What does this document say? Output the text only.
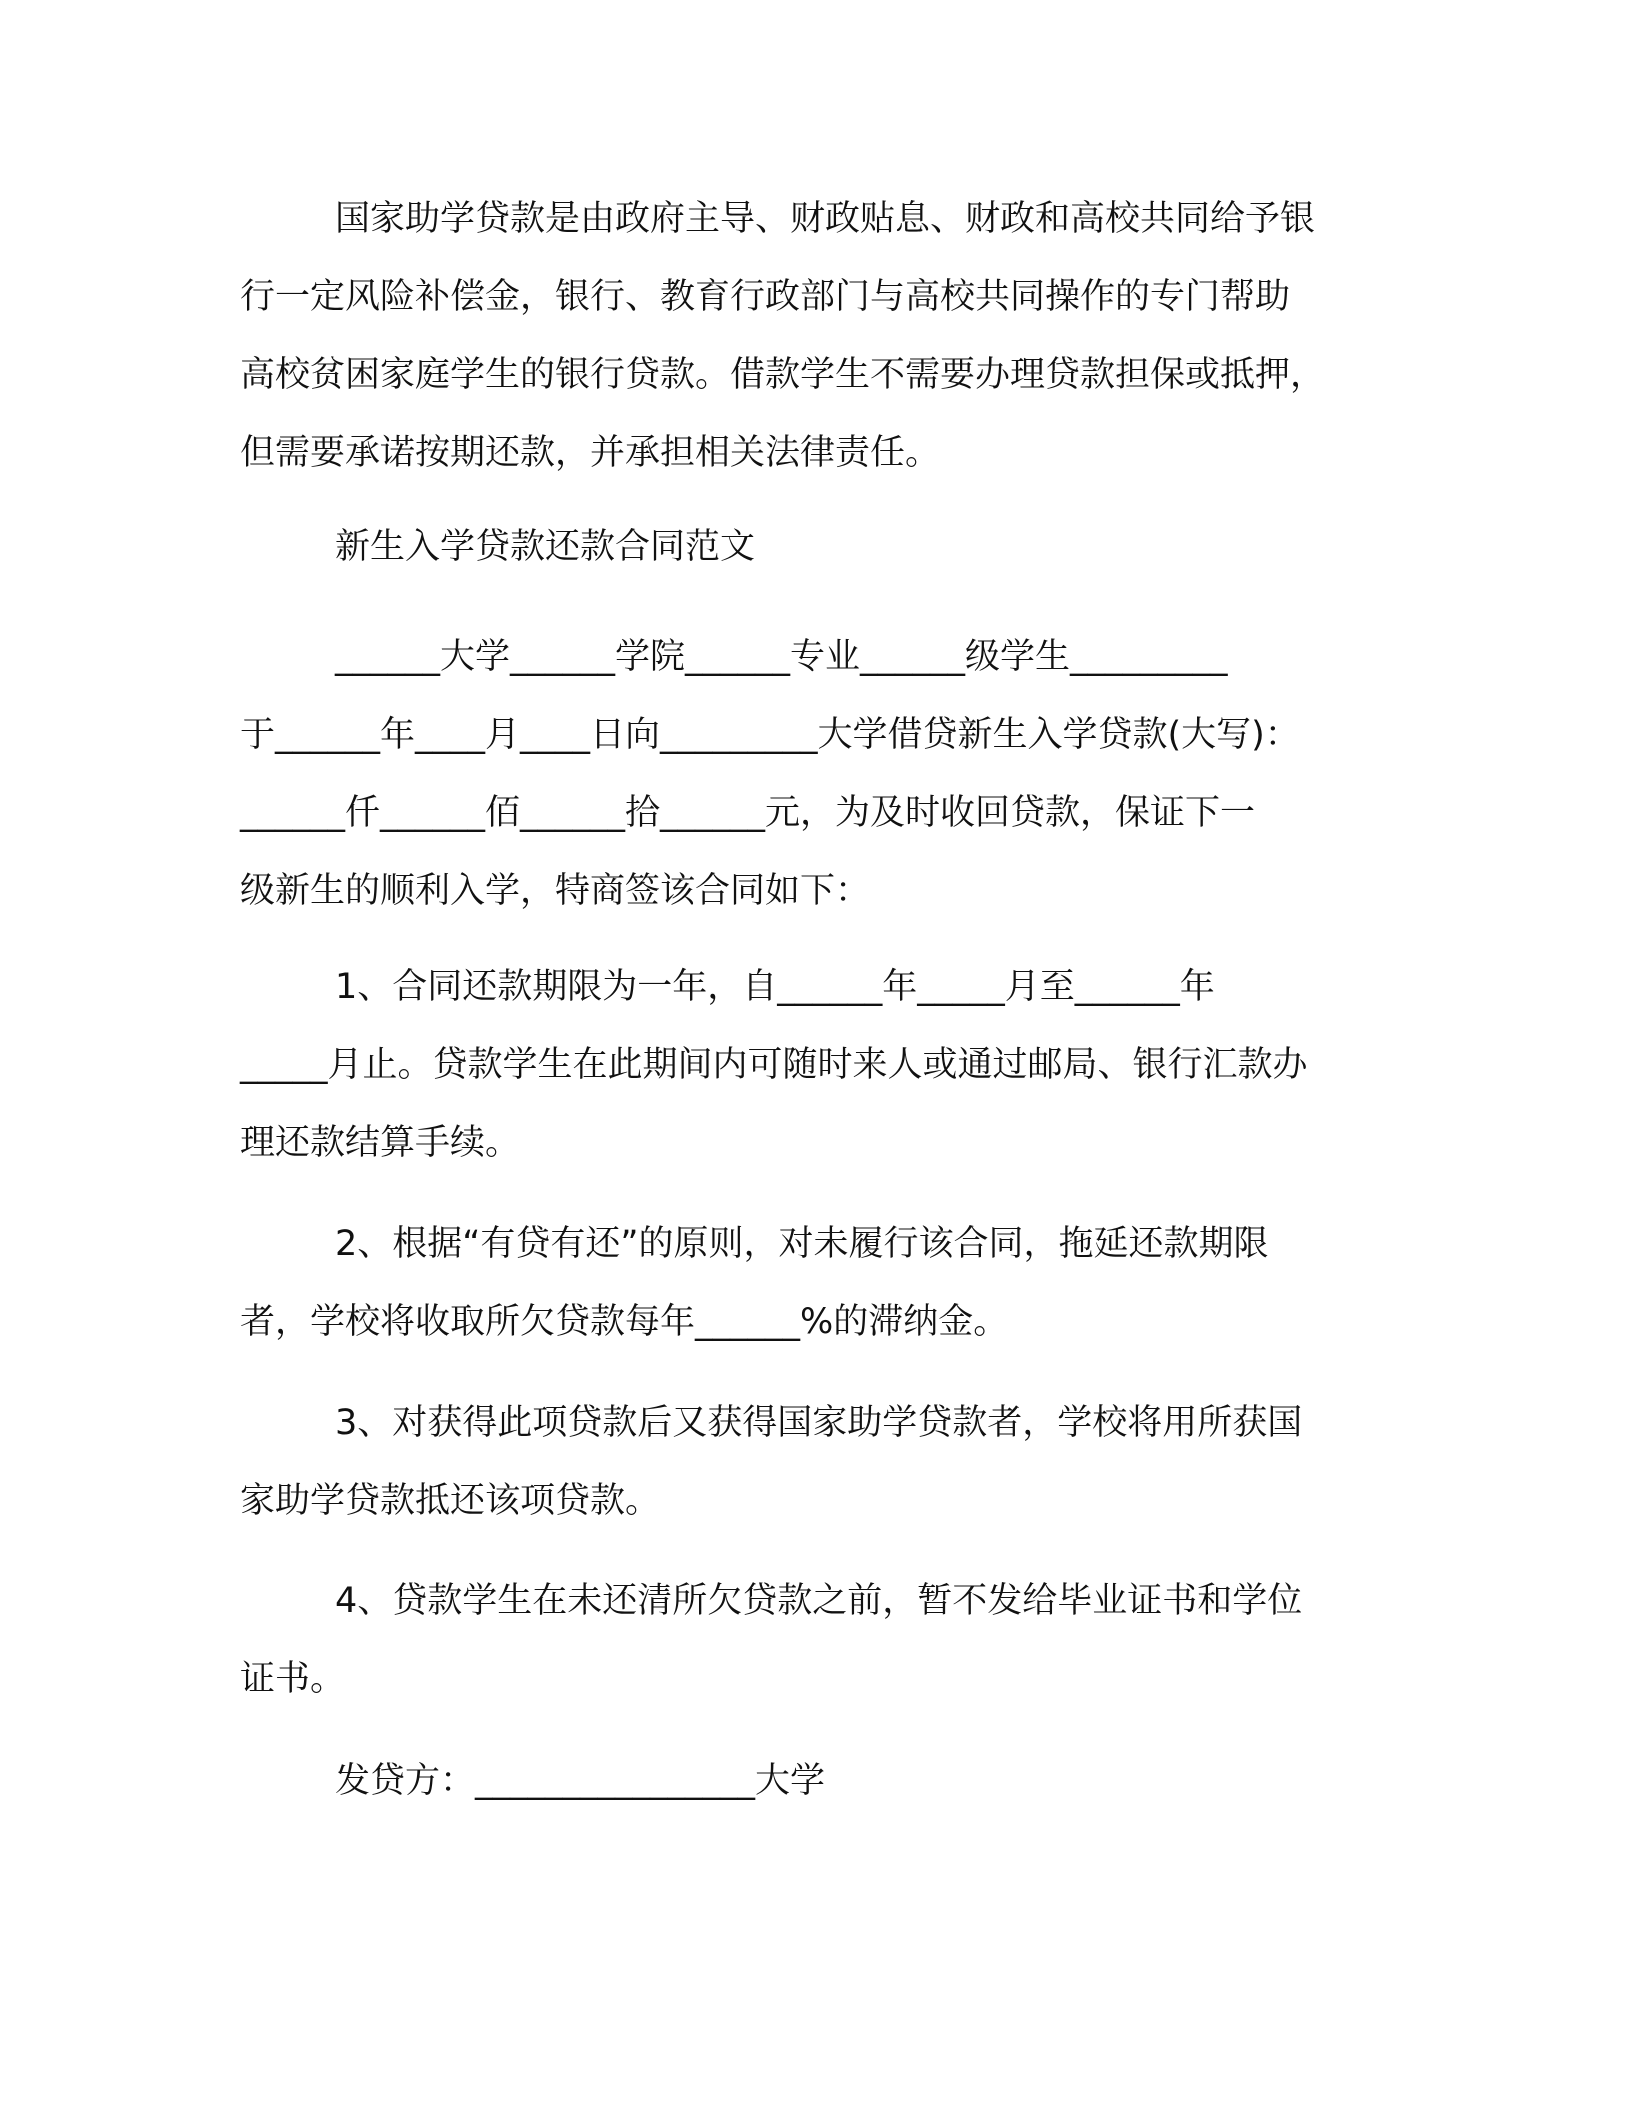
国家助学贷款是由政府主导、财政贴息、财政和高校共同给予银
行一定风险补偿金，银行、教育行政部门与高校共同操作的专门帮助
高校贫困家庭学生的银行贷款。借款学生不需要办理贷款担保或抵押，
但需要承诺按期还款，并承担相关法律责任。
新生入学贷款还款合同范文
______大学______学院______专业______级学生_________
于______年____月____日向_________大学借贷新生入学贷款(大写)：
______仟______佰______拾______元，为及时收回贷款，保证下一
级新生的顺利入学，特商签该合同如下：
1、合同还款期限为一年，自______年_____月至______年
_____月止。贷款学生在此期间内可随时来人或通过邮局、银行汇款办
理还款结算手续。
2、根据“有贷有还”的原则，对未履行该合同，拖延还款期限
者，学校将收取所欠贷款每年______%的滞纳金。
3、对获得此项贷款后又获得国家助学贷款者，学校将用所获国
家助学贷款抵还该项贷款。
4、贷款学生在未还清所欠贷款之前，暂不发给毕业证书和学位
证书。
发贷方：________________大学
